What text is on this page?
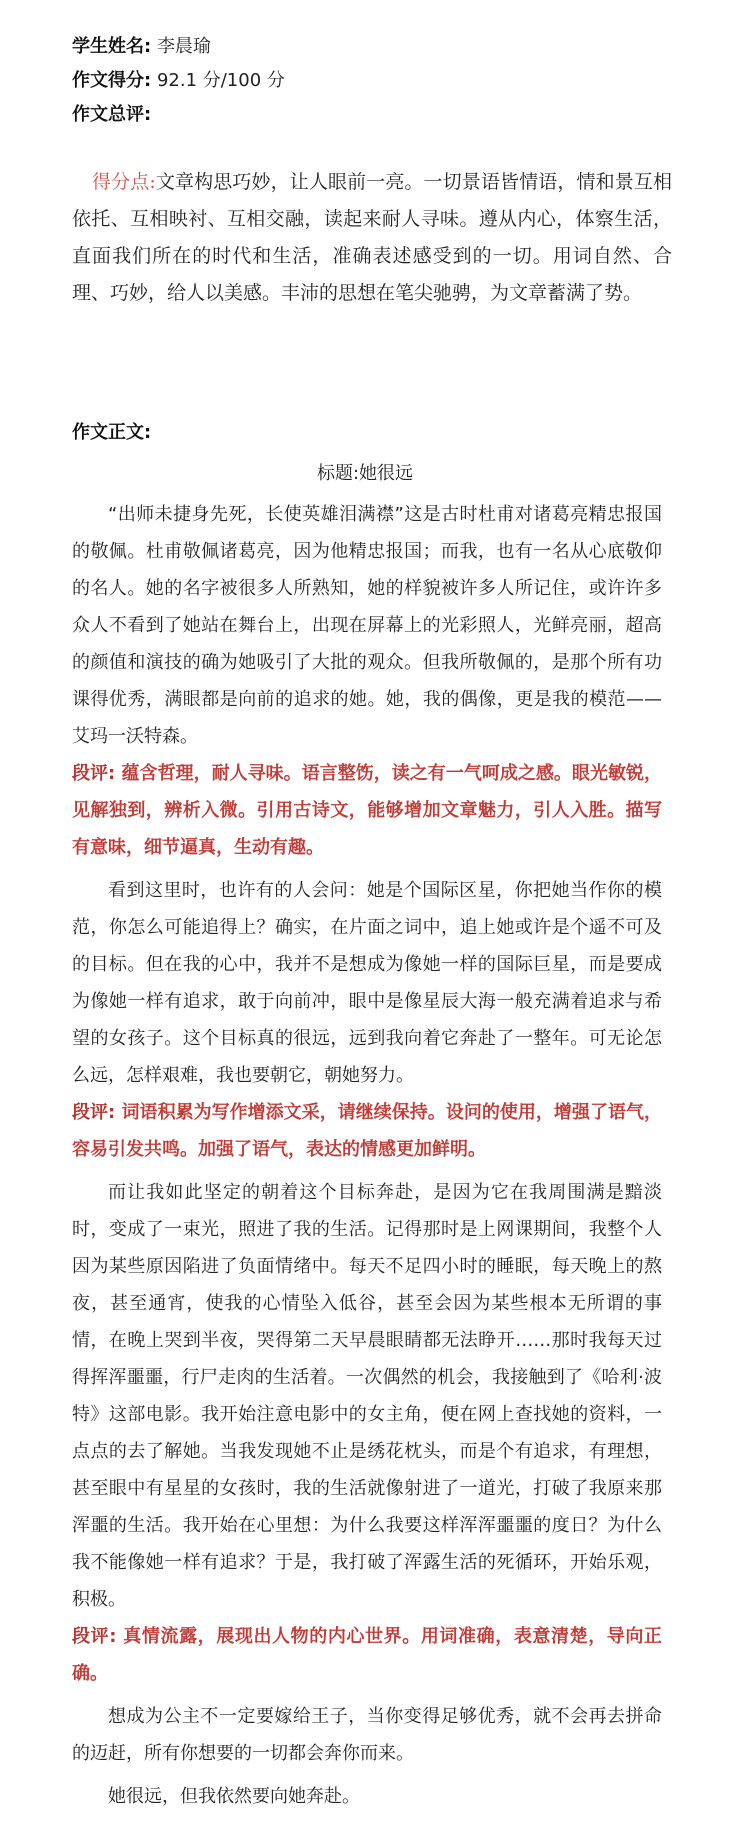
学生姓名: 李晨瑜
作文得分: 92.1 分/100 分
作文总评:
得分点:文章构思巧妙，让人眼前一亮。一切景语皆情语，情和景互相依托、互相映衬、互相交融，读起来耐人寻味。遵从内心，体察生活，直面我们所在的时代和生活，准确表述感受到的一切。用词自然、合理、巧妙，给人以美感。丰沛的思想在笔尖驰骋，为文章蓄满了势。
作文正文:
标题:她很远

“出师未捷身先死，长使英雄泪满襟”这是古时杜甫对诸葛亮精忠报国的敬佩。杜甫敬佩诸葛亮，因为他精忠报国；而我，也有一名从心底敬仰的名人。她的名字被很多人所熟知，她的样貌被许多人所记住，或许许多众人不看到了她站在舞台上，出现在屏幕上的光彩照人，光鲜亮丽，超高的颜值和演技的确为她吸引了大批的观众。但我所敬佩的，是那个所有功课得优秀，满眼都是向前的追求的她。她，我的偶像，更是我的模范——艾玛一沃特森。

段评: 蕴含哲理，耐人寻味。语言整饬，读之有一气呵成之感。眼光敏锐，见解独到，辨析入微。引用古诗文，能够增加文章魅力，引人入胜。描写有意味，细节逼真，生动有趣。

看到这里时，也许有的人会问：她是个国际区星，你把她当作你的模范，你怎么可能追得上？确实，在片面之词中，追上她或许是个遥不可及的目标。但在我的心中，我并不是想成为像她一样的国际巨星，而是要成为像她一样有追求，敢于向前冲，眼中是像星辰大海一般充满着追求与希望的女孩子。这个目标真的很远，远到我向着它奔赴了一整年。可无论怎么远，怎样艰难，我也要朝它，朝她努力。

段评: 词语积累为写作增添文采，请继续保持。设问的使用，增强了语气，容易引发共鸣。加强了语气，表达的情感更加鲜明。

而让我如此坚定的朝着这个目标奔赴，是因为它在我周围满是黯淡时，变成了一束光，照进了我的生活。记得那时是上网课期间，我整个人因为某些原因陷进了负面情绪中。每天不足四小时的睡眠，每天晚上的熬夜，甚至通宵，使我的心情坠入低谷，甚至会因为某些根本无所谓的事情，在晚上哭到半夜，哭得第二天早晨眼睛都无法睁开……那时我每天过得挥浑噩噩，行尸走肉的生活着。一次偶然的机会，我接触到了《哈利·波特》这部电影。我开始注意电影中的女主角，便在网上查找她的资料，一点点的去了解她。当我发现她不止是绣花枕头，而是个有追求，有理想，甚至眼中有星星的女孩时，我的生活就像射进了一道光，打破了我原来那浑噩的生活。我开始在心里想：为什么我要这样浑浑噩噩的度日？为什么我不能像她一样有追求？于是，我打破了浑露生活的死循环，开始乐观，积极。

段评: 真情流露，展现出人物的内心世界。用词准确，表意清楚，导向正确。

想成为公主不一定要嫁给王子，当你变得足够优秀，就不会再去拼命的迈赶，所有你想要的一切都会奔你而来。

她很远，但我依然要向她奔赴。
